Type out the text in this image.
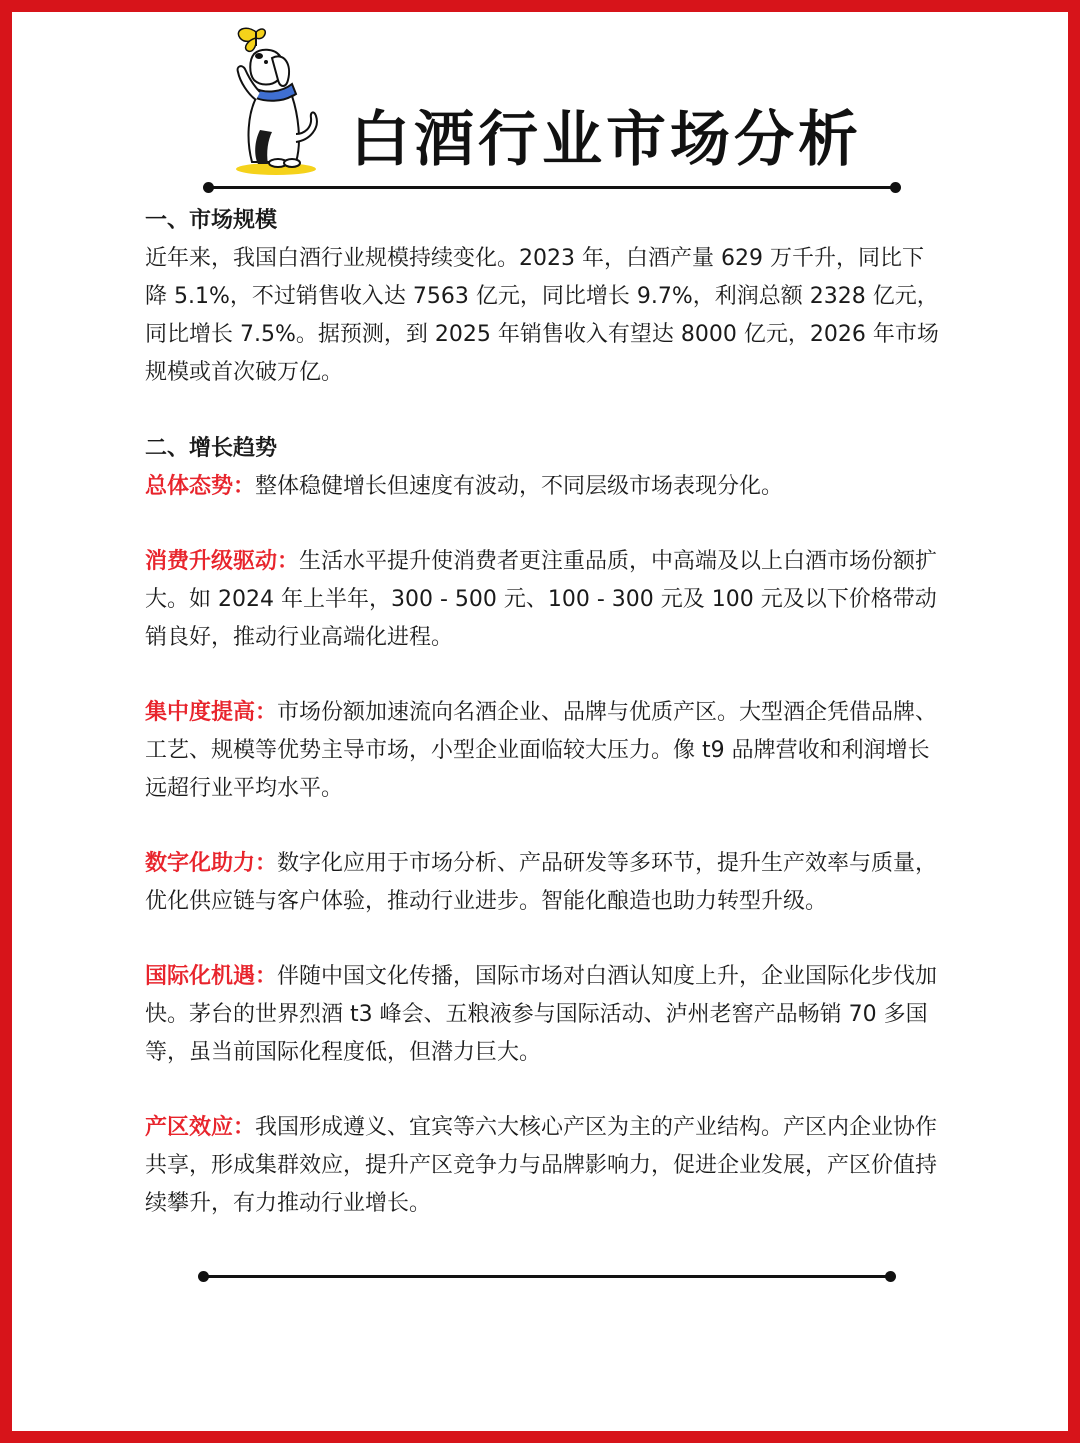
白酒行业市场分析

一、市场规模

近年来，我国白酒行业规模持续变化。2023 年，白酒产量 629 万千升，同比下降 5.1%，不过销售收入达 7563 亿元，同比增长 9.7%，利润总额 2328 亿元，同比增长 7.5%。据预测，到 2025 年销售收入有望达 8000 亿元，2026 年市场规模或首次破万亿。

二、增长趋势

总体态势：整体稳健增长但速度有波动，不同层级市场表现分化。

消费升级驱动：生活水平提升使消费者更注重品质，中高端及以上白酒市场份额扩大。如 2024 年上半年，300 - 500 元、100 - 300 元及 100 元及以下价格带动销良好，推动行业高端化进程。

集中度提高：市场份额加速流向名酒企业、品牌与优质产区。大型酒企凭借品牌、工艺、规模等优势主导市场，小型企业面临较大压力。像 t9 品牌营收和利润增长远超行业平均水平。

数字化助力：数字化应用于市场分析、产品研发等多环节，提升生产效率与质量，优化供应链与客户体验，推动行业进步。智能化酿造也助力转型升级。

国际化机遇：伴随中国文化传播，国际市场对白酒认知度上升，企业国际化步伐加快。茅台的世界烈酒 t3 峰会、五粮液参与国际活动、泸州老窖产品畅销 70 多国等，虽当前国际化程度低，但潜力巨大。

产区效应：我国形成遵义、宜宾等六大核心产区为主的产业结构。产区内企业协作共享，形成集群效应，提升产区竞争力与品牌影响力，促进企业发展，产区价值持续攀升，有力推动行业增长。
